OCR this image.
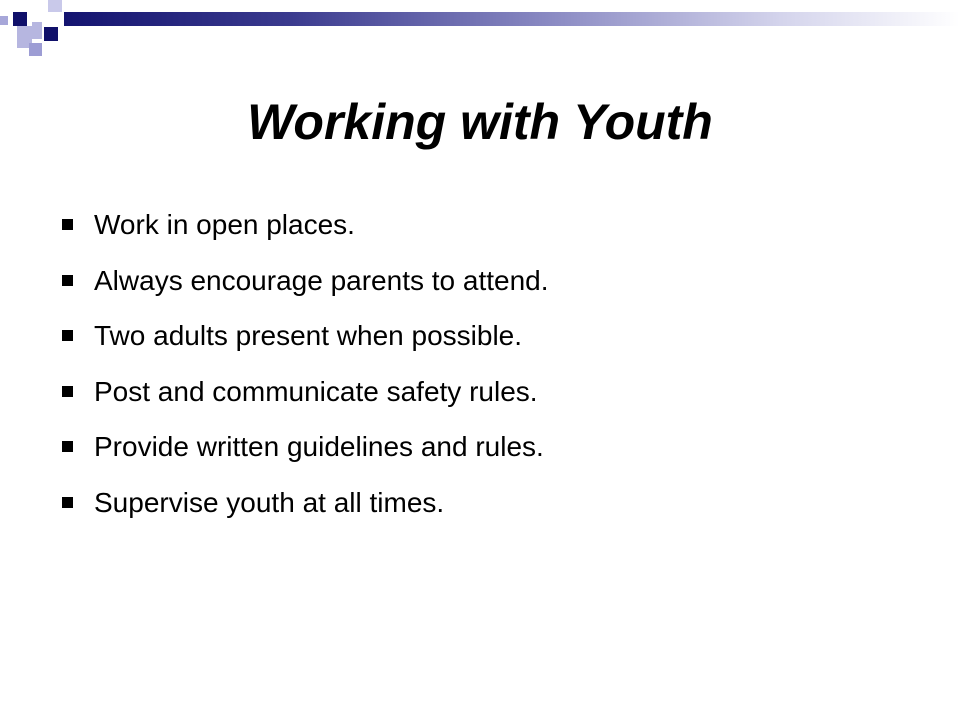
Working with Youth
Work in open places.
Always encourage parents to attend.
Two adults present when possible.
Post and communicate safety rules.
Provide written guidelines and rules.
Supervise youth at all times.
